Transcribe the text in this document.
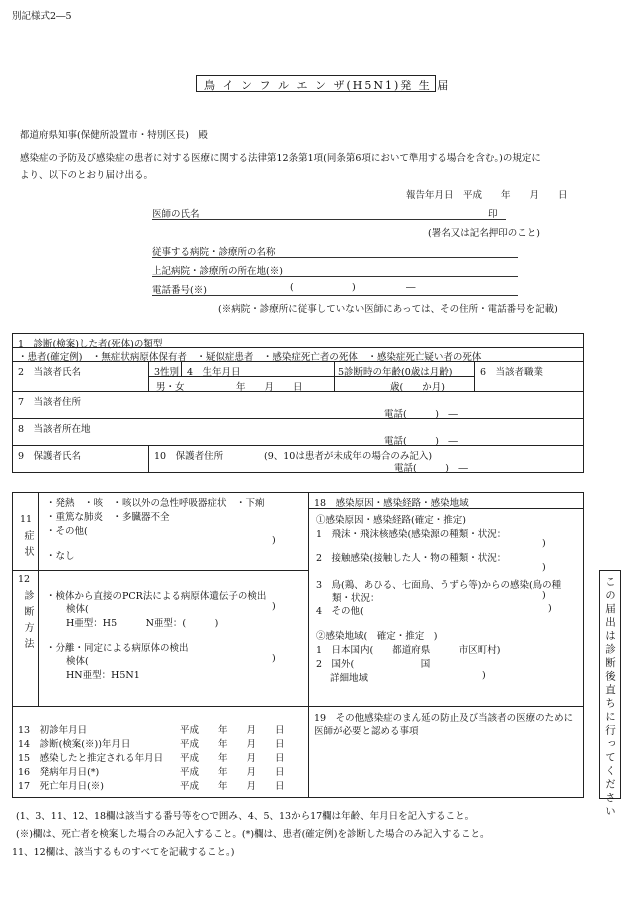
別記様式2―5
鳥 イ ン フ ル エ ン ザ(H5N1)発 生 届
都道府県知事(保健所設置市・特別区長)　殿
感染症の予防及び感染症の患者に対する医療に関する法律第12条第1項(同条第6項において準用する場合を含む。)の規定に
より、以下のとおり届け出る。
報告年月日　平成　　年　　月　　日
医師の氏名	印
(署名又は記名押印のこと)
従事する病院・診療所の名称
上記病院・診療所の所在地(※)
電話番号(※)	(	)	―
(※病院・診療所に従事していない医師にあっては、その住所・電話番号を記載)
1　診断(検案)した者(死体)の類型
・患者(確定例)　・無症状病原体保有者　・疑似症患者　・感染症死亡者の死体　・感染症死亡疑い者の死体
2　当該者氏名	3性別 4　生年月日	5診断時の年齢(0歳は月齢)	6　当該者職業
男・女	年　　月　　日	歳(　　か月)
7　当該者住所
電話(　　　)　―
8　当該者所在地
電話(　　　)　―
9　保護者氏名	10　保護者住所	(9、10は患者が未成年の場合のみ記入)
電話(　　　)　―
11
症状
・発熱　・咳　・咳以外の急性呼吸器症状　・下痢
・重篤な肺炎　・多臓器不全
・その他(
)
・なし
12
診断方法 ・検体から直接のPCR法による病原体遺伝子の検出
検体(	)
H亜型：H5　　　N亜型：(　　　)
・分離・同定による病原体の検出
検体(	)
HN亜型：H5N1
18　感染原因・感染経路・感染地域
①感染原因・感染経路(確定・推定)
1　飛沫・飛沫核感染(感染源の種類・状況：
)
2　接触感染(接触した人・物の種類・状況：
)
3　鳥(鶏、あひる、七面鳥、うずら等)からの感染(鳥の種
類・状況：	)
4　その他(	)
②感染地域(　確定・推定　)
1　日本国内(　　都道府県　　　市区町村)
2　国外(　　　　　　　国
詳細地域	)
13　初診年月日	平成　　年　　月　　日
14　診断(検案(※))年月日	平成　　年　　月　　日
15　感染したと推定される年月日 平成　　年　　月　　日
16　発病年月日(*)	平成　　年　　月　　日
17　死亡年月日(※)	平成　　年　　月　　日
19　その他感染症のまん延の防止及び当該者の医療のために
医師が必要と認める事項	この届出は診断後直ちに行ってください
(1、3、11、12、18欄は該当する番号等を○で囲み、4、5、13から17欄は年齢、年月日を記入すること。
(※)欄は、死亡者を検案した場合のみ記入すること。(*)欄は、患者(確定例)を診断した場合のみ記入すること。
11、12欄は、該当するものすべてを記載すること。)
